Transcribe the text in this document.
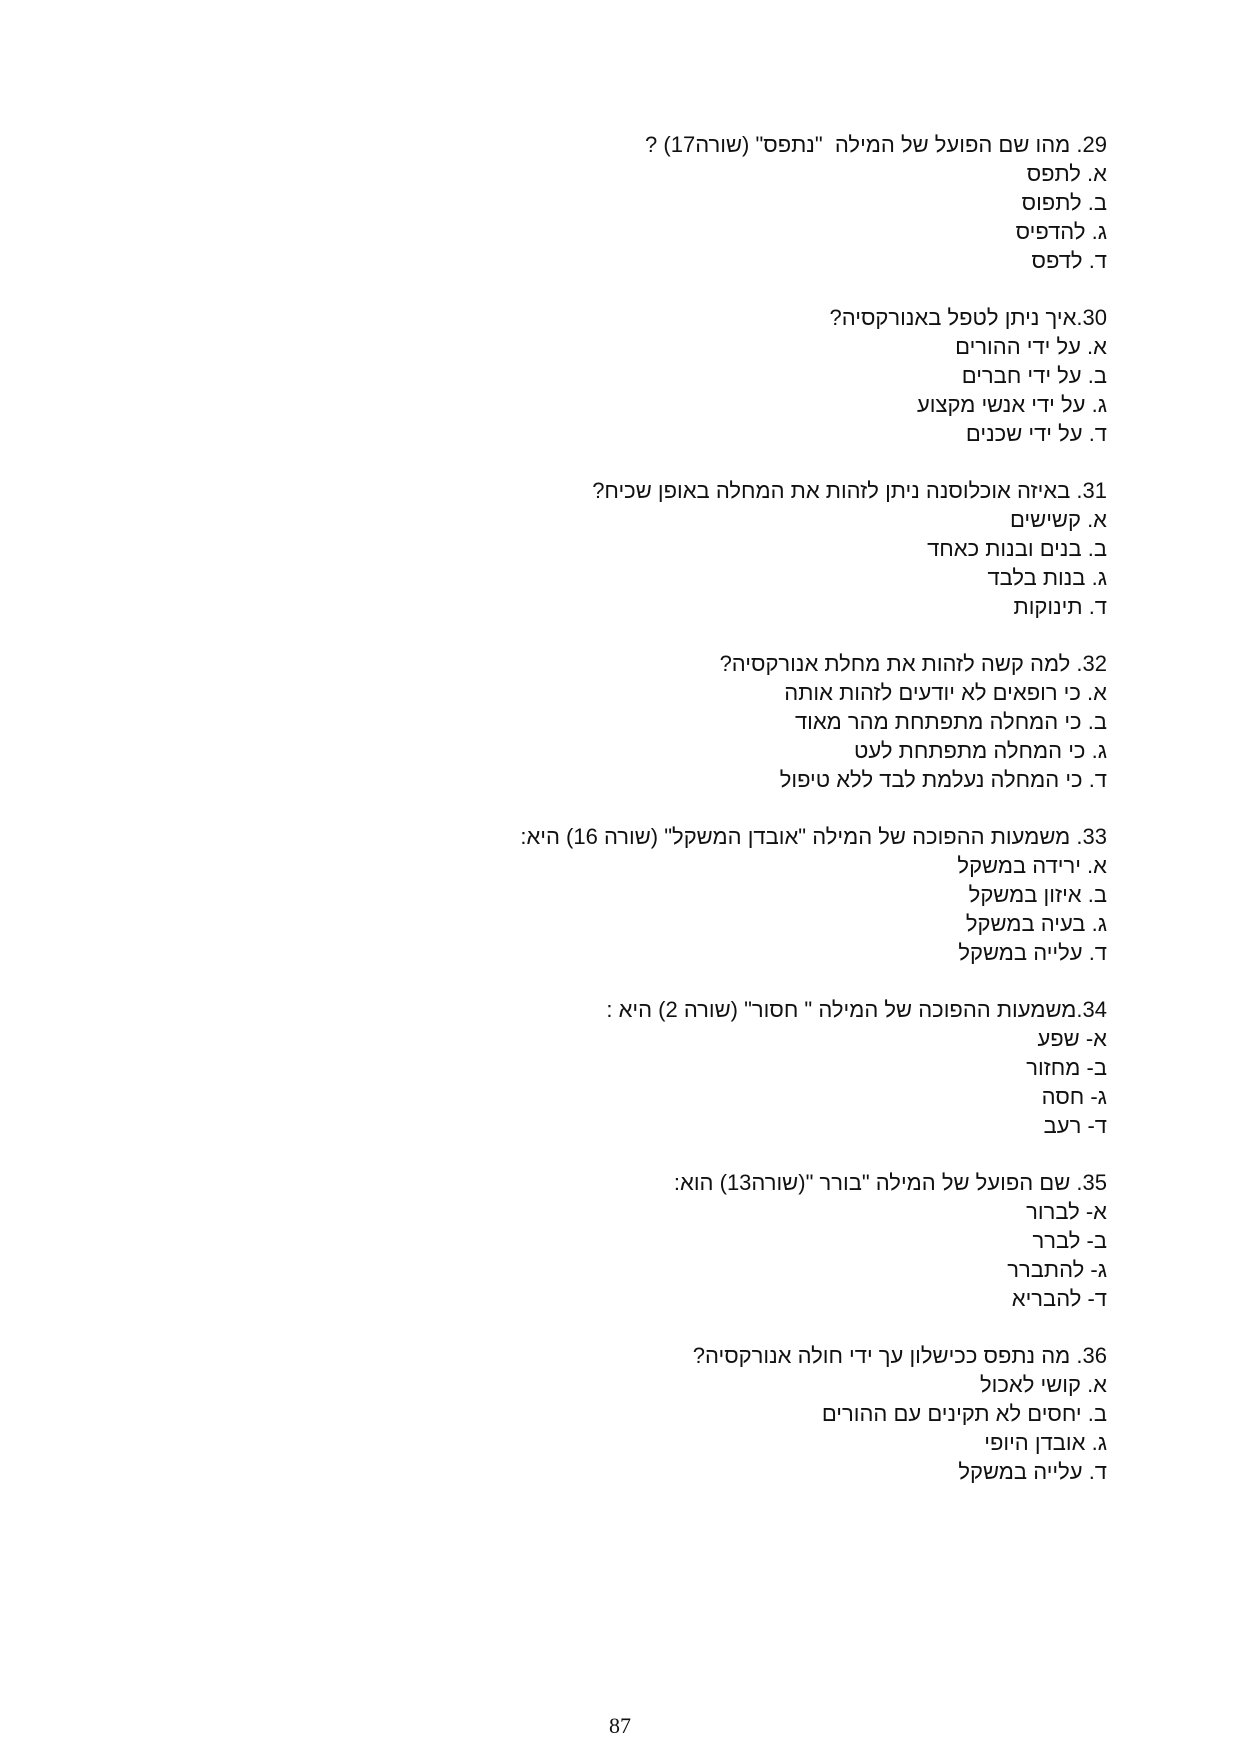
29. מהו שם הפועל של המילה  "נתפס" (שורה17) ?
א. לתפס
ב. לתפוס
ג. להדפיס
ד. לדפס
30.איך ניתן לטפל באנורקסיה?
א. על ידי ההורים
ב. על ידי חברים
ג. על ידי אנשי מקצוע
ד. על ידי שכנים
31. באיזה אוכלוסנה ניתן לזהות את המחלה באופן שכיח?
א. קשישים
ב. בנים ובנות כאחד
ג. בנות בלבד
ד. תינוקות
32. למה קשה לזהות את מחלת אנורקסיה?
א. כי רופאים לא יודעים לזהות אותה
ב. כי המחלה מתפתחת מהר מאוד
ג. כי המחלה מתפתחת לעט
ד. כי המחלה נעלמת לבד ללא טיפול
33. משמעות ההפוכה של המילה "אובדן המשקל" (שורה 16) היא:
א. ירידה במשקל
ב. איזון במשקל
ג. בעיה במשקל
ד. עלייה במשקל
34.משמעות ההפוכה של המילה " חסור" (שורה 2) היא :
א- שפע
ב- מחזור
ג- חסה
ד- רעב
35. שם הפועל של המילה "בורר "(שורה13) הוא:
א- לברור
ב- לברר
ג- להתברר
ד- להבריא
36. מה נתפס ככישלון עך ידי חולה אנורקסיה?
א. קושי לאכול
ב. יחסים לא תקינים עם ההורים
ג. אובדן היופי
ד. עלייה במשקל
87
